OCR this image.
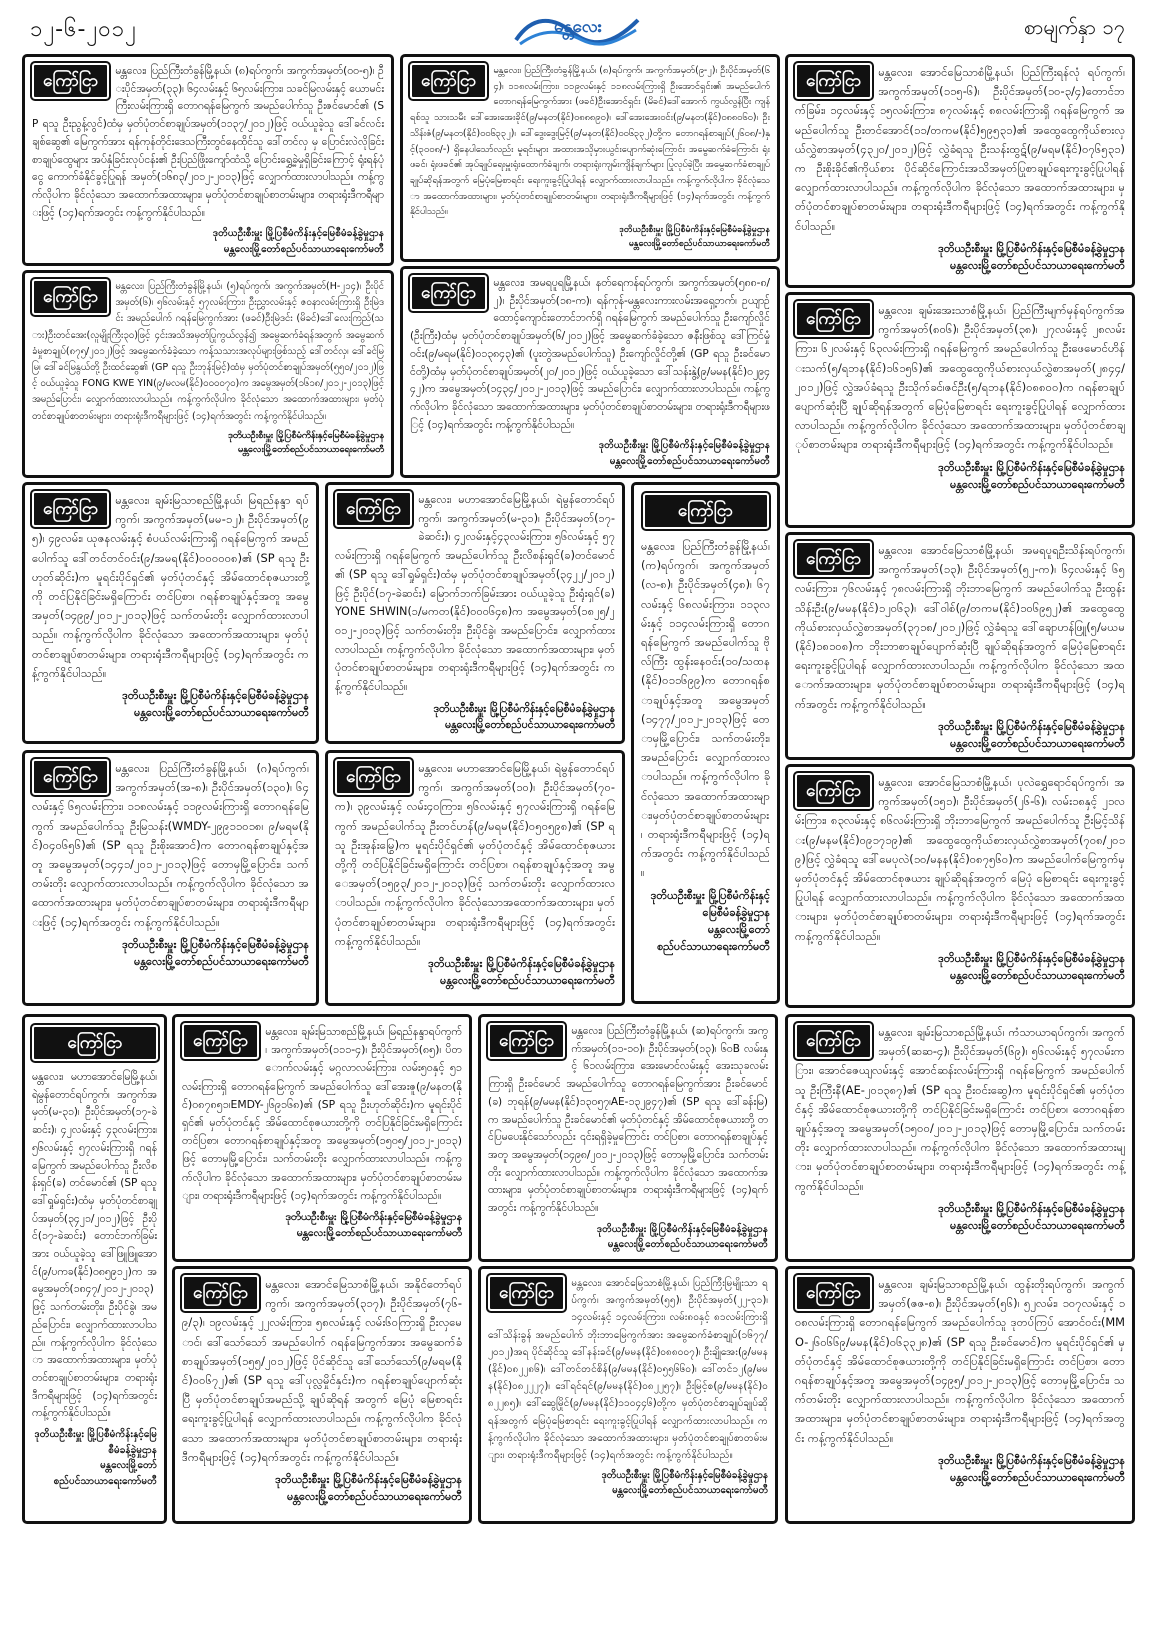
၁၂-၆-၂၀၁၂	မန္တလေး	စာမျက်နှာ ၁၇
ကြော်ငြာ	မန္တလေး၊ ပြည်ကြီးတံခွန်မြို့နယ်၊ (၈)ရပ်ကွက်၊ အကွက်အမှတ်(၀၀-၅)၊ ဦးပိုင်အမှတ်(၃၃)၊ ၆၄လမ်းနှင့် ၆၅လမ်းကြား၊ သခင်မြလမ်းနှင့် ယောမင်းကြီးလမ်းကြားရှိ တောဂရန်မြေကွက် အမည်ပေါက်သူ ဦးဇင်မောင်၏ (SP ရသူ ဦးညွန့်လွင်)ထံမှ မှတ်ပုံတင်စာချုပ်အမှတ်(၁၁၃၇/၂၀၁၂)ဖြင့် ဝယ်ယူခဲ့သူ ဒေါ်ခင်လင်းချစ်ဆွေ၏ မြေကွက်အား ရန်ကုန်တိုင်းဒေသကြီးတွင်နေထိုင်သူ ဒေါ်တင်လှ မှ ပြောင်းလဲလိုခြင်း စာချုပ်ထွေများ အပ်နှံခြင်းလုပ်ငန်း၏ ဦးပြည်ဖြိုးကျော်ထံသို့ ပြောင်းရွှေ့ခဲ့မှုရှိခြင်းကြောင့် ရုံးရန်ပုံငွေ ကောက်ခံနိုင်ခွင့်ပြုရန် အမှတ်(၁၆၈၃/၂၀၁၂-၂၀၁၃)ဖြင့် လျှောက်ထားလာပါသည်။ ကန့်ကွက်လိုပါက ခိုင်လုံသော အထောက်အထားများ၊ မှတ်ပုံတင်စာချုပ်စာတမ်းများ၊ တရားရုံးဒီကရီများဖြင့် (၁၄)ရက်အတွင်း ကန့်ကွက်နိုင်ပါသည်။
ဒုတိယဦးစီးမှူး မြို့ပြစီမံကိန်းနှင့်မြေစီမံခန့်ခွဲမှုဌာန
မန္တလေးမြို့တော်စည်ပင်သာယာရေးကော်မတီ
ကြော်ငြာ
မန္တလေး၊ ပြည်ကြီးတံခွန်မြို့နယ်၊ (၈)ရပ်ကွက်၊ အကွက်အမှတ်(၉-၂)၊ ဦးပိုင်အမှတ်(၆၄)၊ ၁၁၈လမ်းကြား၊ ၁၁၉လမ်းနှင့် ၁၁၈လမ်းကြားရှိ ဦးအောင်ရှင်း၏ အမည်ပေါက် တောဂရန်မြေကွက်အား (ဖခင်)ဦးအောင်ရှင်း (မိခင်)ဒေါ်အောက် ကွယ်လွန်ပြီး ကျန်ရစ်သူ သားသမီး ဒေါ်အေးအေးခိုင်(၉/မနတ(နိုင်)၀၈၈၈၉၀)၊ ဒေါ်အေးအေးဝင်း(၉/မနတ(နိုင်)၀၈၈၀၆၀)၊ ဦးသိန်းဇံ(၉/မနတ(နိုင်)၀၀၆၃၃၂)၊ ဒေါ်ဒွေးဒွေးမြင့်(၉/မနတ(နိုင်)၀၀၆၃၃၂)တို့က တောဂရန်စာချုပ်(၂၆၀၈/-)နှင့်(၃၀၀၈/-) ရှိနေပါသော်လည်း မူရင်းများ အထားအသိုမှားယွင်းပျောက်ဆုံးကြောင်း အမွေဆက်ခံကြောင်း ရုံးဖခင်၊ ရုံးဖခင်၏ အုပ်ချုပ်ရေးမှူးရုံးထောက်ခံချက်၊ တရားရုံးကျမ်းကျိန်ချက်များ ပြုလုပ်ခဲ့ပြီး အမွေဆက်ခံစာချုပ်ချုပ်ဆိုရန်အတွက် မြေပုံမြေစာရင်း ရေးကူးခွင့်ပြုပါရန် လျှောက်ထားလာပါသည်။ ကန့်ကွက်လိုပါက ခိုင်လုံသော အထောက်အထားများ၊ မှတ်ပုံတင်စာချုပ်စာတမ်းများ၊ တရားရုံးဒီကရီများဖြင့် (၁၄)ရက်အတွင်း ကန့်ကွက်နိုင်ပါသည်။
ဒုတိယဦးစီးမှူး မြို့ပြစီမံကိန်းနှင့်မြေစီမံခန့်ခွဲမှုဌာန
မန္တလေးမြို့တော်စည်ပင်သာယာရေးကော်မတီ
ကြော်ငြာ	မန္တလေး၊ အောင်မြေသာစံမြို့နယ်၊ ပြည်ကြီးရန်လုံ ရပ်ကွက်၊ အကွက်အမှတ်(၁၁၅-၆)၊ ဦးပိုင်အမှတ်(၁၀-၃/၄)တောင်ဘက်ခြမ်း၊ ၁၄လမ်းနှင့် ၁၅လမ်းကြား၊ ၈၇လမ်းနှင့် ၈၈လမ်းကြားရှိ ဂရန်မြေကွက် အမည်ပေါက်သူ ဦးတင်အောင်(၁၁/တကမ(နိုင်)၅၉၅၃၁)၏ အထွေထွေကိုယ်စားလှယ်လွှဲစာအမှတ်(၄၃၂၀/၂၀၁၂)ဖြင့် လွှဲခံရသူ ဦးသန်းထွဋ်(၉/မရမ(နိုင်)၀၇၆၅၃၁)က ဦးစိုးခိုင်၏ကိုယ်စား ပိုင်ဆိုင်ကြောင်းအသိအမှတ်ပြုစာချုပ်ရေးကူးခွင့်ပြုပါရန် လျှောက်ထားလာပါသည်။ ကန့်ကွက်လိုပါက ခိုင်လုံသော အထောက်အထားများ၊ မှတ်ပုံတင်စာချုပ်စာတမ်းများ၊ တရားရုံးဒီကရီများဖြင့် (၁၄)ရက်အတွင်း ကန့်ကွက်နိုင်ပါသည်။
ဒုတိယဦးစီးမှူး မြို့ပြစီမံကိန်းနှင့်မြေစီမံခန့်ခွဲမှုဌာန
မန္တလေးမြို့တော်စည်ပင်သာယာရေးကော်မတီ
ကြော်ငြာ
မန္တလေး၊ ပြည်ကြီးတံခွန်မြို့နယ်၊ (၅)ရပ်ကွက်၊ အကွက်အမှတ်(H-၂၁၄)၊ ဦးပိုင်အမှတ်(၆)၊ ၅၆လမ်းနှင့် ၅၇လမ်းကြား၊ ဦးညွှာလမ်းနှင့် ဇဝနာလမ်းကြားရှိ ဦးမြဲဒင်း အမည်ပေါက် ဂရန်မြေကွက်အား (ဖခင်)ဦးမြဲဒင်း (မိခင်)ဒေါ်လေးကြည်(သား)ဦးတင်အေး(လူမျိုးကြီး၃၀)ဖြင့် ၄င်းအသိအမှတ်ပြုကွယ်လွန်၍ အမွေဆက်ခံရန်အတွက် အမွေဆက်ခံမှုစာချုပ်(၈၇၅/၂၀၁၂)ဖြင့် အမွေဆက်ခံခဲ့သော ကန့်သသားအလုပ်များဖြစ်သည့် ဒေါ်တင်လှ၊ ဒေါ်ခင်မြမြ၊ ဒေါ်ခင်မြနွယ်တို့ ဦးထင်ဆွေ၏ (GP ရသူ ဦးဘုန်းမြင့်)ထံမှ မှတ်ပုံတင်စာချုပ်အမှတ်(၅၅၀/၂၀၁၂)ဖြင့် ဝယ်ယူခဲ့သူ FONG KWE YIN(၉/မလမ(နိုင်)၀၀၀၀၇၀)က အမွေအမှတ်(၁၆၁၈/၂၀၁၂-၂၀၁၃)ဖြင့် အမည်ပြောင်း၊ လျှောက်ထားလာပါသည်။ ကန့်ကွက်လိုပါက ခိုင်လုံသော အထောက်အထားများ၊ မှတ်ပုံတင်စာချုပ်စာတမ်းများ၊ တရားရုံးဒီကရီများဖြင့် (၁၄)ရက်အတွင်း ကန့်ကွက်နိုင်ပါသည်။
ဒုတိယဦးစီးမှူး မြို့ပြစီမံကိန်းနှင့်မြေစီမံခန့်ခွဲမှုဌာန
မန္တလေးမြို့တော်စည်ပင်သာယာရေးကော်မတီ
ကြော်ငြာ	မန္တလေး၊ အမရပူရမြို့နယ်၊ နတ်ရေကန်ရပ်ကွက်၊ အကွက်အမှတ်(၅၈၈-၈/၂)၊ ဦးပိုင်အမှတ်(၁၈-က)၊ ရန်ကုန်-မန္တလေးကားလမ်းအရှေ့ဘက်၊ ဥယျာဉ်ထောင့်ကျောင်းတောင်ဘက်ရှိ ဂရန်မြေကွက် အမည်ပေါက်သူ ဦးကျော်လှိုင်(ဦးကြီး)ထံမှ မှတ်ပုံတင်စာချုပ်အမှတ်(၆/၂၀၁၂)ဖြင့် အမွေဆက်ခံခဲ့သော ဇနီးဖြစ်သူ ဒေါ်ကြင်မှုံဝင်း(၉/မရမ(နိုင်)၀၁၃၈၄၃)၏ (ပူးတွဲအမည်ပေါက်သူ) ဦးကျော်လှိုင်တို့၏ (GP ရသူ ဦးခင်မောင်တို့)ထံမှ မှတ်ပုံတင်စာချုပ်အမှတ်(၂၀/၂၀၁၂)ဖြင့် ဝယ်ယူခဲ့သော ဒေါ်သန်းနွဲ့(၉/မမန(နိုင်)၀၂၉၄၄၂)က အမွေအမှတ်(၁၄၃၄/၂၀၁၂-၂၀၁၃)ဖြင့် အမည်ပြောင်း၊ လျှောက်ထားလာပါသည်။ ကန့်ကွက်လိုပါက ခိုင်လုံသော အထောက်အထားများ၊ မှတ်ပုံတင်စာချုပ်စာတမ်းများ၊ တရားရုံးဒီကရီများဖြင့် (၁၄)ရက်အတွင်း ကန့်ကွက်နိုင်ပါသည်။
ဒုတိယဦးစီးမှူး မြို့ပြစီမံကိန်းနှင့်မြေစီမံခန့်ခွဲမှုဌာန
မန္တလေးမြို့တော်စည်ပင်သာယာရေးကော်မတီ
ကြော်ငြာ	မန္တလေး၊ ချမ်းအေးသာစံမြို့နယ်၊ ပြည်ကြီးမျက်မှန်ရပ်ကွက်အကွက်အမှတ်(၈၀၆)၊ ဦးပိုင်အမှတ်(၃၈)၊ ၂၇လမ်းနှင့် ၂၈လမ်းကြား၊ ၆၂လမ်းနှင့် ၆၃လမ်းကြားရှိ ဂရန်မြေကွက် အမည်ပေါက်သူ ဦးဖေမောင်ဟိန်းသက်(၅/ရဘန(နိုင်)၁၆၁၅၆)၏ အထွေထွေကိုယ်စားလှယ်လွှဲစာအမှတ်(၂၈၄၄/၂၀၁၂)ဖြင့် လွှဲအပ်ခံရသူ ဦးသိုက်ခင်၊ဇင်ဦး(၅/ရဘန(နိုင်)၀၈၈၀၀)က ဂရန်စာချုပ်ပျောက်ဆုံးပြီ ချုပ်ဆိုရန်အတွက် မြေပုံမြေစာရင်း ရေးကူးခွင့်ပြုပါရန် လျှောက်ထားလာပါသည်။ ကန့်ကွက်လိုပါက ခိုင်လုံသော အထောက်အထားများ၊ မှတ်ပုံတင်စာချုပ်စာတမ်းများ၊ တရားရုံးဒီကရီများဖြင့် (၁၄)ရက်အတွင်း ကန့်ကွက်နိုင်ပါသည်။
ဒုတိယဦးစီးမှူး မြို့ပြစီမံကိန်းနှင့်မြေစီမံခန့်ခွဲမှုဌာန
မန္တလေးမြို့တော်စည်ပင်သာယာရေးကော်မတီ
ကြော်ငြာ	မန္တလေး၊ ချမ်းမြသာစည်မြို့နယ်၊ မြရည်နန္ဒာ ရပ်ကွက်၊ အကွက်အမှတ်(မမ-၁၂)၊ ဦးပိုင်အမှတ်(၉၅)၊ ၄၉လမ်း၊ ယုဇနလမ်းနှင့် စံပယ်လမ်းကြားရှိ ဂရန်မြေကွက် အမည်ပေါက်သူ ဒေါ်တင်တင်ဝင်း(၉/အမရ(နိုင်)၀၀၀၀၀၈)၏ (SP ရသူ ဦးဟုတ်ဆိုင်း)က မူရင်းပိုင်ရှင်၏ မှတ်ပုံတင်နှင့် အိမ်ထောင်စုဇယားတို့ကို တင်ပြနိုင်ခြင်းမရှိကြောင်း တင်ပြစာ၊ ဂရန်စာချုပ်နှင့်အတူ အမွေအမှတ်(၁၄၉၉/၂၀၁၂-၂၀၁၃)ဖြင့် သက်တမ်းတိုး လျှောက်ထားလာပါသည်။ ကန့်ကွက်လိုပါက ခိုင်လုံသော အထောက်အထားများ၊ မှတ်ပုံတင်စာချုပ်စာတမ်းများ၊ တရားရုံးဒီကရီများဖြင့် (၁၄)ရက်အတွင်း ကန့်ကွက်နိုင်ပါသည်။
ဒုတိယဦးစီးမှူး မြို့ပြစီမံကိန်းနှင့်မြေစီမံခန့်ခွဲမှုဌာန
မန္တလေးမြို့တော်စည်ပင်သာယာရေးကော်မတီ
ကြော်ငြာ	မန္တလေး၊ မဟာအောင်မြေမြို့နယ်၊ ရဲမွန်တောင်ရပ်ကွက်၊ အကွက်အမှတ်(မ-၃၁)၊ ဦးပိုင်အမှတ်(၁၇-ခဲဆင်း)၊ ၄၂လမ်းနှင့်၄၃လမ်းကြား၊ ၅၆လမ်းနှင့် ၅၇လမ်းကြားရှိ ဂရန်မြေကွက် အမည်ပေါက်သူ ဦးလိစန်းရှင်(ခ)တင်မောင်၏ (SP ရသူ ဒေါ်ရှုမ်ရှင်း)ထံမှ မှတ်ပုံတင်စာချုပ်အမှတ်(၃၄၂၂/၂၀၁၂)ဖြင့် ဦးပိုင်(၁၇-ခဲဆင်း) မြောက်ဘက်ခြမ်းအား ဝယ်ယူခဲ့သူ ဦးရုံးရှင်(ခ)YONE SHWIN(၁/မကတ(နိုင်)၀၀၀၆၄၈)က အမွေအမှတ်(၁၈၂၅/၂၀၁၂-၂၀၁၃)ဖြင့် သက်တမ်းတိုး၊ ဦးပိုင်ခွဲ၊ အမည်ပြောင်း၊ လျှောက်ထားလာပါသည်။ ကန့်ကွက်လိုပါက ခိုင်လုံသော အထောက်အထားများ၊ မှတ်ပုံတင်စာချုပ်စာတမ်းများ၊ တရားရုံးဒီကရီများဖြင့် (၁၄)ရက်အတွင်း ကန့်ကွက်နိုင်ပါသည်။
ဒုတိယဦးစီးမှူး မြို့ပြစီမံကိန်းနှင့်မြေစီမံခန့်ခွဲမှုဌာန
မန္တလေးမြို့တော်စည်ပင်သာယာရေးကော်မတီ
ကြော်ငြာ
မန္တလေး၊ ပြည်ကြီးတံခွန်မြို့နယ်၊ (က)ရပ်ကွက်၊ အကွက်အမှတ်(လ-၈)၊ ဦးပိုင်အမှတ်(၄၈)၊ ၆၇လမ်းနှင့် ၆၈လမ်းကြား၊ ၁၁၃လမ်းနှင့် ၁၁၄လမ်းကြားရှိ တောဂရန်မြေကွက် အမည်ပေါက်သူ ဗိုလ်ကြီး ထွန်းနေဝင်း(၁၀/သထန(နိုင်)၀၁၁၆၉၉)က တောဂရန်စာချုပ်နှင့်အတူ အမွေအမှတ် (၁၄၇၇/၂၀၁၂-၂၀၁၃)ဖြင့် တောမှမြို့ပြောင်း၊ သက်တမ်းတိုး၊ အမည်ပြောင်း လျှောက်ထားလာပါသည်။ ကန့်ကွက်လိုပါက ခိုင်လုံသော အထောက်အထားများ၊မှတ်ပုံတင်စာချုပ်စာတမ်းများ၊ တရားရုံးဒီကရီများဖြင့် (၁၄)ရက်အတွင်း ကန့်ကွက်နိုင်ပါသည်။
ဒုတိယဦးစီးမှူး မြို့ပြစီမံကိန်းနှင့်မြေစီမံခန့်ခွဲမှုဌာန
မန္တလေးမြို့တော်စည်ပင်သာယာရေးကော်မတီ
ကြော်ငြာ	မန္တလေး၊ အောင်မြေသာစံမြို့နယ်၊ အမရပူရဦးသိန်းရပ်ကွက်၊ အကွက်အမှတ်(၁၃)၊ ဦးပိုင်အမှတ်(၅၂-က)၊ ၆၄လမ်းနှင့် ၆၅လမ်းကြား၊ ၇၆လမ်းနှင့် ၇၈လမ်းကြားရှိ ဘိုးဘာမြေကွက် အမည်ပေါက်သူ ဦးထွန်းသိန်းဦး(၉/မမန(နိုင်)၁၂၀၆၃)၊ ဒေါ်ဝါစ်(၉/တကမ(နိုင်)၁၀၆၉၅၂)၏ အထွေထွေကိုယ်စားလှယ်လွှဲစာအမှတ်(၃၇၁၈/၂၀၁၂)ဖြင့် လွှဲခံရသူ ဒေါ်ချောဟန်ဖြူ(၅/မယမ(နိုင်)၁၈၁၀၈)က ဘိုးဘာစာချုပ်ပျောက်ဆုံးပြီ ချုပ်ဆိုရန်အတွက် မြေပုံမြေစာရင်း ရေးကူးခွင့်ပြုပါရန် လျှောက်ထားလာပါသည်။ ကန့်ကွက်လိုပါက ခိုင်လုံသော အထောက်အထားများ၊ မှတ်ပုံတင်စာချုပ်စာတမ်းများ၊ တရားရုံးဒီကရီများဖြင့် (၁၄)ရက်အတွင်း ကန့်ကွက်နိုင်ပါသည်။
ဒုတိယဦးစီးမှူး မြို့ပြစီမံကိန်းနှင့်မြေစီမံခန့်ခွဲမှုဌာန
မန္တလေးမြို့တော်စည်ပင်သာယာရေးကော်မတီ
ကြော်ငြာ	မန္တလေး၊ ပြည်ကြီးတံခွန်မြို့နယ်၊ (ဂ)ရပ်ကွက်၊ အကွက်အမှတ်(အ-၈)၊ ဦးပိုင်အမှတ်(၁၃၀)၊ ၆၄လမ်းနှင့် ၆၅လမ်းကြား၊ ၁၁၈လမ်းနှင့် ၁၁၉လမ်းကြားရှိ တောဂရန်မြေကွက် အမည်ပေါက်သူ ဦးမြသန်း(WMDY-၂၉၉၁၁၀၁၈၊ ၉/မရမ(နိုင်)၀၄၀၆၅၆)၏ (SP ရသူ ဦးစိုးအောင်)က တောဂရန်စာချုပ်နှင့်အတူ အမွေအမှတ်(၁၄၄၁/၂၀၁၂-၂၀၁၃)ဖြင့် တောမှမြို့ပြောင်း၊ သက်တမ်းတိုး လျှောက်ထားလာပါသည်။ ကန့်ကွက်လိုပါက ခိုင်လုံသော အထောက်အထားများ၊ မှတ်ပုံတင်စာချုပ်စာတမ်းများ၊ တရားရုံးဒီကရီများဖြင့် (၁၄)ရက်အတွင်း ကန့်ကွက်နိုင်ပါသည်။
ဒုတိယဦးစီးမှူး မြို့ပြစီမံကိန်းနှင့်မြေစီမံခန့်ခွဲမှုဌာန
မန္တလေးမြို့တော်စည်ပင်သာယာရေးကော်မတီ
ကြော်ငြာ	မန္တလေး၊ မဟာအောင်မြေမြို့နယ်၊ ရဲမွန်တောင်ရပ်ကွက်၊ အကွက်အမှတ်(၁၀)၊ ဦးပိုင်အမှတ်(၇၀-က)၊ ၃၉လမ်းနှင့် လမ်း၄၀ကြား၊ ၅၆လမ်းနှင့် ၅၇လမ်းကြားရှိ ဂရန်မြေကွက် အမည်ပေါက်သူ ဦးတင်ဟန်(၉/မရမ(နိုင်)၀၅၀၅၉၈)၏ (SP ရသူ ဦးအုန်းမြွေ)က မူရင်းပိုင်ရှင်၏ မှတ်ပုံတင်နှင့် အိမ်ထောင်စုဇယားတို့ကို တင်ပြနိုင်ခြင်းမရှိကြောင်း တင်ပြစာ၊ ဂရန်စာချုပ်နှင့်အတူ အမွေအမှတ်(၁၅၉၃/၂၀၁၂-၂၀၁၃)ဖြင့် သက်တမ်းတိုး လျှောက်ထားလာပါသည်။ ကန့်ကွက်လိုပါက ခိုင်လုံသောအထောက်အထားများ၊ မှတ်ပုံတင်စာချုပ်စာတမ်းများ၊ တရားရုံးဒီကရီများဖြင့် (၁၄)ရက်အတွင်း ကန့်ကွက်နိုင်ပါသည်။
ဒုတိယဦးစီးမှူး မြို့ပြစီမံကိန်းနှင့်မြေစီမံခန့်ခွဲမှုဌာန
မန္တလေးမြို့တော်စည်ပင်သာယာရေးကော်မတီ
ကြော်ငြာ	မန္တလေး၊ အောင်မြေသာစံမြို့နယ်၊ ပုလဲရွှေရောင်ရပ်ကွက်၊ အကွက်အမှတ်(၁၅၁)၊ ဦးပိုင်အမှတ်(၂၆-၆)၊ လမ်း၁၈နှင့် ၂၁လမ်းကြား၊ ၈၃လမ်းနှင့် ၈၆လမ်းကြားရှိ ဘိုးဘာမြေကွက် အမည်ပေါက်သူ ဦးမြင့်သိန်း(၉/မနမ(နိုင်)၀၉၁၇၁၉)၏ အထွေထွေကိုယ်စားလှယ်လွှဲစာအမှတ်(၇၀၈/၂၀၁၉)ဖြင့် လွှဲခံရသူ ဒေါ်မေပုလဲ(၁၀/မနန(နိုင်)၀၈၇၅၆၀)က အမည်ပေါက်မြေကွက်မှ မှတ်ပုံတင်နှင့် အိမ်ထောင်စုဇယား ချုပ်ဆိုရန်အတွက် မြေပုံ မြေစာရင်း ရေးကူးခွင့်ပြုပါရန် လျှောက်ထားလာပါသည်။ ကန့်ကွက်လိုပါက ခိုင်လုံသော အထောက်အထားများ၊ မှတ်ပုံတင်စာချုပ်စာတမ်းများ၊ တရားရုံးဒီကရီများဖြင့် (၁၄)ရက်အတွင်း ကန့်ကွက်နိုင်ပါသည်။
ဒုတိယဦးစီးမှူး မြို့ပြစီမံကိန်းနှင့်မြေစီမံခန့်ခွဲမှုဌာန
မန္တလေးမြို့တော်စည်ပင်သာယာရေးကော်မတီ
ကြော်ငြာ
မန္တလေး၊ မဟာအောင်မြေမြို့နယ်၊ ရဲမွန်တောင်ရပ်ကွက်၊ အကွက်အမှတ်(မ-၃၁)၊ ဦးပိုင်အမှတ်(၁၇-ခဲဆင်း)၊ ၄၂လမ်းနှင့် ၄၃လမ်းကြား၊ ၅၆လမ်းနှင့် ၅၇လမ်းကြားရှိ ဂရန်မြေကွက် အမည်ပေါက်သူ ဦးလိစန်းရှင်(ခ) တင်မောင်၏ (SP ရသူ ဒေါ်ရှုမ်ရှင်း)ထံမှ မှတ်ပုံတင်စာချုပ်အမှတ်(၃၄၂၁/၂၀၁၂)ဖြင့် ဦးပိုင်(၁၇-ခဲဆင်း) တောင်ဘက်ခြမ်းအား ဝယ်ယူခဲ့သူ ဒေါ်ဖြူဖြူအောင်(၉/ပကခ(နိုင်)၀၈၅၉၁၂)က အမွေအမှတ်(၁၈၄၇/၂၀၁၂-၂၀၁၃)ဖြင့် သက်တမ်းတိုး၊ ဦးပိုင်ခွဲ၊ အမည်ပြောင်း၊ လျှောက်ထားလာပါသည်။ ကန့်ကွက်လိုပါက ခိုင်လုံသော အထောက်အထားများ၊ မှတ်ပုံတင်စာချုပ်စာတမ်းများ၊ တရားရုံးဒီကရီများဖြင့် (၁၄)ရက်အတွင်း ကန့်ကွက်နိုင်ပါသည်။
ဒုတိယဦးစီးမှူး မြို့ပြစီမံကိန်းနှင့်မြေစီမံခန့်ခွဲမှုဌာန
မန္တလေးမြို့တော်စည်ပင်သာယာရေးကော်မတီ
ကြော်ငြာ	မန္တလေး၊ ချမ်းမြသာစည်မြို့နယ်၊ မြရည်နန္ဒာရပ်ကွက်၊ အကွက်အမှတ်(၁၁၁-၄)၊ ဦးပိုင်အမှတ်(၈၅)၊ ပိတောက်လမ်းနှင့် မဂ္ဂလာလမ်းကြား၊ လမ်း၅၀နှင့် ၅၁လမ်းကြားရှိ တောဂရန်မြေကွက် အမည်ပေါက်သူ ဒေါ်အေးဇူ(၉/မနတ(နိုင်)၀၈၇၈၅၁၊EMDY-၂၆၉၁၆၈)၏ (SP ရသူ ဦးဟုတ်ဆိုင်း)က မူရင်းပိုင်ရှင်၏ မှတ်ပုံတင်နှင့် အိမ်ထောင်စုဇယားတို့ကို တင်ပြနိုင်ခြင်းမရှိကြောင်း တင်ပြစာ၊ တောဂရန်စာချုပ်နှင့်အတူ အမွေအမှတ်(၁၅၀၅/၂၀၁၂-၂၀၁၃)ဖြင့် တောမှမြို့ပြောင်း၊ သက်တမ်းတိုး လျှောက်ထားလာပါသည်။ ကန့်ကွက်လိုပါက ခိုင်လုံသော အထောက်အထားများ၊ မှတ်ပုံတင်စာချုပ်စာတမ်းများ၊ တရားရုံးဒီကရီများဖြင့် (၁၄)ရက်အတွင်း ကန့်ကွက်နိုင်ပါသည်။
ဒုတိယဦးစီးမှူး မြို့ပြစီမံကိန်းနှင့်မြေစီမံခန့်ခွဲမှုဌာန
မန္တလေးမြို့တော်စည်ပင်သာယာရေးကော်မတီ
ကြော်ငြာ	မန္တလေး၊ ပြည်ကြီးတံခွန်မြို့နယ်၊ (ဆ)ရပ်ကွက်၊ အကွက်အမှတ်(၁၁-၁၀)၊ ဦးပိုင်အမှတ်(၁၃)၊ ၆၀B လမ်းနှင့် ၆၁လမ်းကြား၊ အေးမောင်လမ်းနှင့် အေးသုခလမ်းကြားရှိ ဦးခင်မောင် အမည်ပေါက်သူ တောဂရန်မြေကွက်အား ဦးခင်မောင် (ခ) ဘုရန်(၉/မမန(နိုင်)၁၃၀၅၇၊AE-၁၃၂၉၄၇)၏ (SP ရသူ ဒေါ်ခန်းမြ)က အမည်ပေါက်သူ ဦးခင်မောင်၏ မှတ်ပုံတင်နှင့် အိမ်ထောင်စုဇယားတို့ တင်ပြမပေးနိုင်သော်လည်း ၎င်းရရှိခဲ့မှုကြောင်း တင်ပြစာ၊ တောဂရန်စာချုပ်နှင့်အတူ အမွေအမှတ်(၁၄၉၈/၂၀၁၂-၂၀၁၃)ဖြင့် တောမှမြို့ပြောင်း၊ သက်တမ်းတိုး လျှောက်ထားလာပါသည်။ ကန့်ကွက်လိုပါက ခိုင်လုံသော အထောက်အထားများ၊ မှတ်ပုံတင်စာချုပ်စာတမ်းများ၊ တရားရုံးဒီကရီများဖြင့် (၁၄)ရက်အတွင်း ကန့်ကွက်နိုင်ပါသည်။
ဒုတိယဦးစီးမှူး မြို့ပြစီမံကိန်းနှင့်မြေစီမံခန့်ခွဲမှုဌာန
မန္တလေးမြို့တော်စည်ပင်သာယာရေးကော်မတီ
ကြော်ငြာ	မန္တလေး၊ ချမ်းမြသာစည်မြို့နယ်၊ ကံသာယာရပ်ကွက်၊ အကွက်အမှတ်(ဆဆ-၄)၊ ဦးပိုင်အမှတ်(၆၉)၊ ၅၆လမ်းနှင့် ၅၇လမ်းကြား၊ အောင်ဇေယျလမ်းနှင့် အောင်ဆန်းလမ်းကြားရှိ ဂရန်မြေကွက် အမည်ပေါက်သူ ဦးကြီးနီ(AE-၂၀၁၃၈၇)၏ (SP ရသူ ဦးဝင်းဆွေ)က မူရင်းပိုင်ရှင်၏ မှတ်ပုံတင်နှင့် အိမ်ထောင်စုဇယားတို့ကို တင်ပြနိုင်ခြင်းမရှိကြောင်း တင်ပြစာ၊ တောဂရန်စာချုပ်နှင့်အတူ အမွေအမှတ်(၁၅၀၀/၂၀၁၂-၂၀၁၃)ဖြင့် တောမှမြို့ပြောင်း၊ သက်တမ်းတိုး လျှောက်ထားလာပါသည်။ ကန့်ကွက်လိုပါက ခိုင်လုံသော အထောက်အထားများ၊ မှတ်ပုံတင်စာချုပ်စာတမ်းများ၊ တရားရုံးဒီကရီများဖြင့် (၁၄)ရက်အတွင်း ကန့်ကွက်နိုင်ပါသည်။
ဒုတိယဦးစီးမှူး မြို့ပြစီမံကိန်းနှင့်မြေစီမံခန့်ခွဲမှုဌာန
မန္တလေးမြို့တော်စည်ပင်သာယာရေးကော်မတီ
ကြော်ငြာ	မန္တလေး၊ အောင်မြေသာစံမြို့နယ်၊ အနိုင်တော်ရပ်ကွက်၊ အကွက်အမှတ်(၃၁၇)၊ ဦးပိုင်အမှတ်(၇၆-၉/၃)၊ ၁၉လမ်းနှင့် ၂၂လမ်းကြား၊ ၅၈လမ်းနှင့် လမ်း၆၀ကြားရှိ ဦးလှမောင်၊ ဒေါ်သော်သော် အမည်ပေါက် ဂရန်မြေကွက်အား အမွေဆက်ခံစာချုပ်အမှတ်(၁၅၅/၂၀၁၂)ဖြင့် ပိုင်ဆိုင်သူ ဒေါ်သော်သော်(၉/မရမ(နိုင်)၀၀၆၇၂)၏ (SP ရသူ ဒေါ်ပုလ္လမှိုင်နှင်း)က ဂရန်စာချုပ်ပျောက်ဆုံးပြီ မှတ်ပုံတင်စာချုပ်အမည်သို့ ချုပ်ဆိုရန် အတွက် မြေပုံ မြေစာရင်း ရေးကူးခွင့်ပြုပါရန် လျှောက်ထားလာပါသည်။ ကန့်ကွက်လိုပါက ခိုင်လုံသော အထောက်အထားများ၊ မှတ်ပုံတင်စာချုပ်စာတမ်းများ၊ တရားရုံးဒီကရီများဖြင့် (၁၄)ရက်အတွင်း ကန့်ကွက်နိုင်ပါသည်။
ဒုတိယဦးစီးမှူး မြို့ပြစီမံကိန်းနှင့်မြေစီမံခန့်ခွဲမှုဌာန
မန္တလေးမြို့တော်စည်ပင်သာယာရေးကော်မတီ
ကြော်ငြာ	မန္တလေး၊ အောင်မြေသာစံမြို့နယ်၊ ပြည်ကြီးမြမျိုးသာ ရပ်ကွက်၊ အကွက်အမှတ်(၅၅)၊ ဦးပိုင်အမှတ်(၂၂-၃၁)၊ ၁၄လမ်းနှင့် ၁၄လမ်းကြား၊ လမ်း၈၀နှင့် ၈၁လမ်းကြားရှိ ဒေါ်သိန်းခွန် အမည်ပေါက် ဘိုးဘာမြေကွက်အား အမွေဆက်ခံစာချုပ်(၁၆၇၇/၂၀၁၂)အရ ပိုင်ဆိုင်သူ ဒေါ်နန်းခင်(၉/မမန(နိုင်)၀၈၈၀၀၇)၊ ဦးချိုအေး(၉/မမန(နိုင်)၀၈၂၂၈၆)၊ ဒေါ်တင်တင်စိန်(၉/မမန(နိုင်)၀၅၅၆၆၀)၊ ဒေါ်တင်၁၂(၉/မမန(နိုင်)၀၈၂၂၂၇)၊ ဒေါ်ရင်ရင်(၉/မမန(နိုင်)၀၈၂၂၅၇)၊ ဦးမြင့်စ(၉/မမန(နိုင်)၀၈၂၂၈၅)၊ ဒေါ်ဆွေမြိုင်(၉/မမန(နိုင်)၁၁၀၄၄၆)တို့က မှတ်ပုံတင်စာချုပ်ချုပ်ဆိုရန်အတွက် မြေပုံမြေစာရင်း ရေးကူးခွင့်ပြုပါရန် လျှောက်ထားလာပါသည်။ ကန့်ကွက်လိုပါက ခိုင်လုံသော အထောက်အထားများ၊ မှတ်ပုံတင်စာချုပ်စာတမ်းများ၊ တရားရုံးဒီကရီများဖြင့် (၁၄)ရက်အတွင်း ကန့်ကွက်နိုင်ပါသည်။
ဒုတိယဦးစီးမှူး မြို့ပြစီမံကိန်းနှင့်မြေစီမံခန့်ခွဲမှုဌာန
မန္တလေးမြို့တော်စည်ပင်သာယာရေးကော်မတီ
ကြော်ငြာ	မန္တလေး၊ ချမ်းမြသာစည်မြို့နယ်၊ ထွန်းတိုးရပ်ကွက်၊ အကွက်အမှတ်(ဇဇ-၈)၊ ဦးပိုင်အမှတ်(၅၆)၊ ၅၂လမ်း၊ ၁၀၇လမ်းနှင့် ၁၀၈လမ်းကြားရှိ တောဂရန်မြေကွက် အမည်ပေါက်သူ ဒုတပ်ကြပ် အောင်ဝင်း(MMO-၂၆၀၆၆၉/မမန(နိုင်)၀၆၃၃၂၈)၏ (SP ရသူ ဦးခင်မောင်)က မူရင်းပိုင်ရှင်၏ မှတ်ပုံတင်နှင့် အိမ်ထောင်စုဇယားတို့ကို တင်ပြနိုင်ခြင်းမရှိကြောင်း တင်ပြစာ၊ တောဂရန်စာချုပ်နှင့်အတူ အမွေအမှတ်(၁၄၉၅/၂၀၁၂-၂၀၁၃)ဖြင့် တောမှမြို့ပြောင်း၊ သက်တမ်းတိုး လျှောက်ထားလာပါသည်။ ကန့်ကွက်လိုပါက ခိုင်လုံသော အထောက်အထားများ၊ မှတ်ပုံတင်စာချုပ်စာတမ်းများ၊ တရားရုံးဒီကရီများဖြင့် (၁၄)ရက်အတွင်း ကန့်ကွက်နိုင်ပါသည်။
ဒုတိယဦးစီးမှူး မြို့ပြစီမံကိန်းနှင့်မြေစီမံခန့်ခွဲမှုဌာန
မန္တလေးမြို့တော်စည်ပင်သာယာရေးကော်မတီ
